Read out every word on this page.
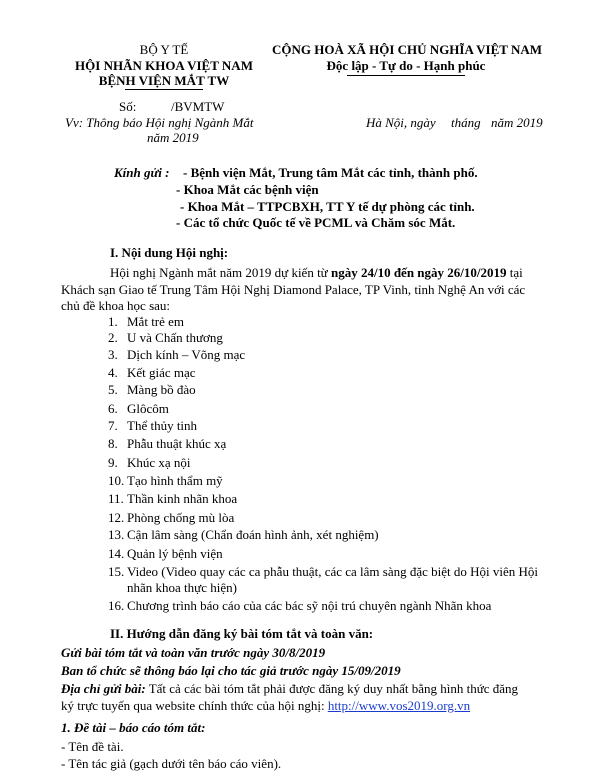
BỘ Y TẾ
HỘI NHÃN KHOA VIỆT NAM
BỆNH VIỆN MẮT TW
Số:	/BVMTW
Vv: Thông báo Hội nghị Ngành Mắt
năm 2019
CỘNG HOÀ XÃ HỘI CHỦ NGHĨA VIỆT NAM
Độc lập - Tự do - Hạnh phúc
Hà Nội, ngày tháng năm 2019
Kính gửi : - Bệnh viện Mắt, Trung tâm Mắt các tỉnh, thành phố.
- Khoa Mắt các bệnh viện
- Khoa Mắt – TTPCBXH, TT Y tế dự phòng các tỉnh.
- Các tổ chức Quốc tế về PCML và Chăm sóc Mắt.
I. Nội dung Hội nghị:
Hội nghị Ngành mắt năm 2019 dự kiến từ ngày 24/10 đến ngày 26/10/2019 tại
Khách sạn Giao tế Trung Tâm Hội Nghị Diamond Palace, TP Vinh, tỉnh Nghệ An với các
chủ đề khoa học sau:
1. Mắt trẻ em
2. U và Chấn thương
3. Dịch kính – Võng mạc
4. Kết giác mạc
5. Màng bồ đào
6. Glôcôm
7. Thể thủy tinh
8. Phẫu thuật khúc xạ
9. Khúc xạ nội
10. Tạo hình thẩm mỹ
11. Thần kinh nhãn khoa
12. Phòng chống mù lòa
13. Cận lâm sàng (Chẩn đoán hình ảnh, xét nghiệm)
14. Quản lý bệnh viện
15. Video (Video quay các ca phẫu thuật, các ca lâm sàng đặc biệt do Hội viên Hội
nhãn khoa thực hiện)
16. Chương trình báo cáo của các bác sỹ nội trú chuyên ngành Nhãn khoa
II. Hướng dẫn đăng ký bài tóm tắt và toàn văn:
Gửi bài tóm tắt và toàn văn trước ngày 30/8/2019
Ban tổ chức sẽ thông báo lại cho tác giả trước ngày 15/09/2019
Địa chỉ gửi bài: Tất cả các bài tóm tắt phải được đăng ký duy nhất bằng hình thức đăng
ký trực tuyến qua website chính thức của hội nghị: http://www.vos2019.org.vn
1. Đề tài – báo cáo tóm tắt:
- Tên đề tài.
- Tên tác giả (gạch dưới tên báo cáo viên).
